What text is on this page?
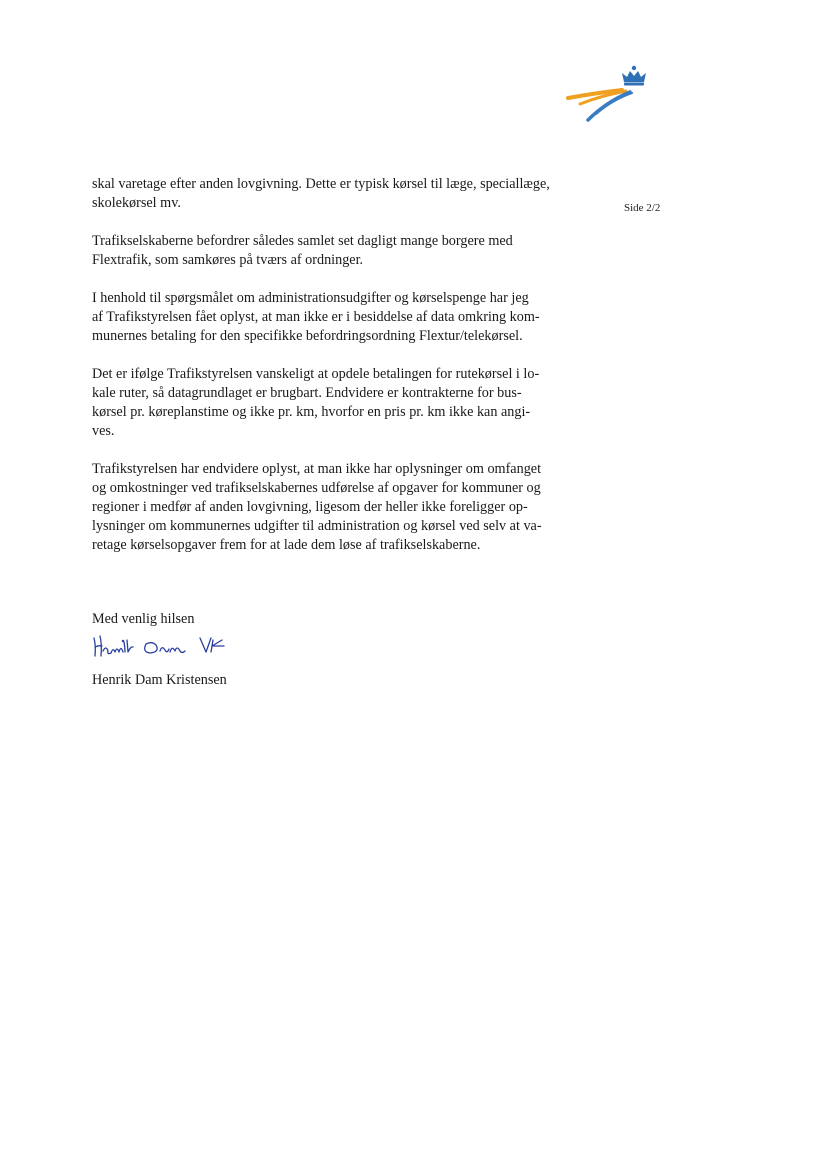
Side 2/2

skal varetage efter anden lovgivning. Dette er typisk kørsel til læge, speciallæge,
skolekørsel mv.

Trafikselskaberne befordrer således samlet set dagligt mange borgere med
Flextrafik, som samkøres på tværs af ordninger.

I henhold til spørgsmålet om administrationsudgifter og kørselspenge har jeg
af Trafikstyrelsen fået oplyst, at man ikke er i besiddelse af data omkring kom-
munernes betaling for den specifikke befordringsordning Flextur/telekørsel.

Det er ifølge Trafikstyrelsen vanskeligt at opdele betalingen for rutekørsel i lo-
kale ruter, så datagrundlaget er brugbart. Endvidere er kontrakterne for bus-
kørsel pr. køreplanstime og ikke pr. km, hvorfor en pris pr. km ikke kan angi-
ves.

Trafikstyrelsen har endvidere oplyst, at man ikke har oplysninger om omfanget
og omkostninger ved trafikselskabernes udførelse af opgaver for kommuner og
regioner i medfør af anden lovgivning, ligesom der heller ikke foreligger op-
lysninger om kommunernes udgifter til administration og kørsel ved selv at va-
retage kørselsopgaver frem for at lade dem løse af trafikselskaberne.

Med venlig hilsen
Henrik Dam Kristensen
